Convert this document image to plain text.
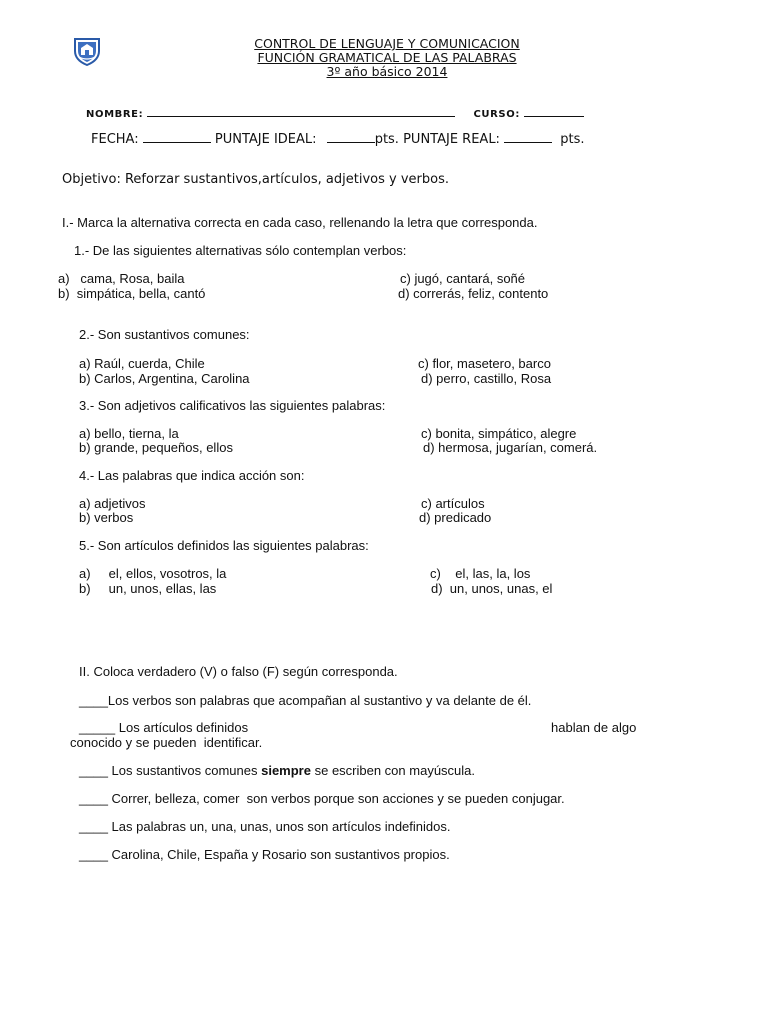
CONTROL DE LENGUAJE Y COMUNICACION
FUNCIÓN GRAMATICAL DE LAS PALABRAS
3º año básico 2014
NOMBRE:	CURSO:
FECHA:	PUNTAJE IDEAL:	pts. PUNTAJE REAL:	pts.
Objetivo: Reforzar sustantivos,artículos, adjetivos y verbos.
I.- Marca la alternativa correcta en cada caso, rellenando la letra que corresponda.
1.- De las siguientes alternativas sólo contemplan verbos:
a)   cama, Rosa, baila
b)  simpática, bella, cantó
c) jugó, cantará, soñé
d) correrás, feliz, contento
2.- Son sustantivos comunes:
a) Raúl, cuerda, Chile
b) Carlos, Argentina, Carolina
c) flor, masetero, barco
d) perro, castillo, Rosa
3.- Son adjetivos calificativos las siguientes palabras:
a) bello, tierna, la
b) grande, pequeños, ellos
c) bonita, simpático, alegre
d) hermosa, jugarían, comerá.
4.- Las palabras que indica acción son:
a) adjetivos
b) verbos
c) artículos
d) predicado
5.- Son artículos definidos las siguientes palabras:
a)     el, ellos, vosotros, la
b)     un, unos, ellas, las
c)    el, las, la, los
d)  un, unos, unas, el
II. Coloca verdadero (V) o falso (F) según corresponda.
____Los verbos son palabras que acompañan al sustantivo y va delante de él.
_____ Los artículos definidos	hablan de algo
conocido y se pueden  identificar.
____ Los sustantivos comunes siempre se escriben con mayúscula.
____ Correr, belleza, comer  son verbos porque son acciones y se pueden conjugar.
____ Las palabras un, una, unas, unos son artículos indefinidos.
____ Carolina, Chile, España y Rosario son sustantivos propios.
